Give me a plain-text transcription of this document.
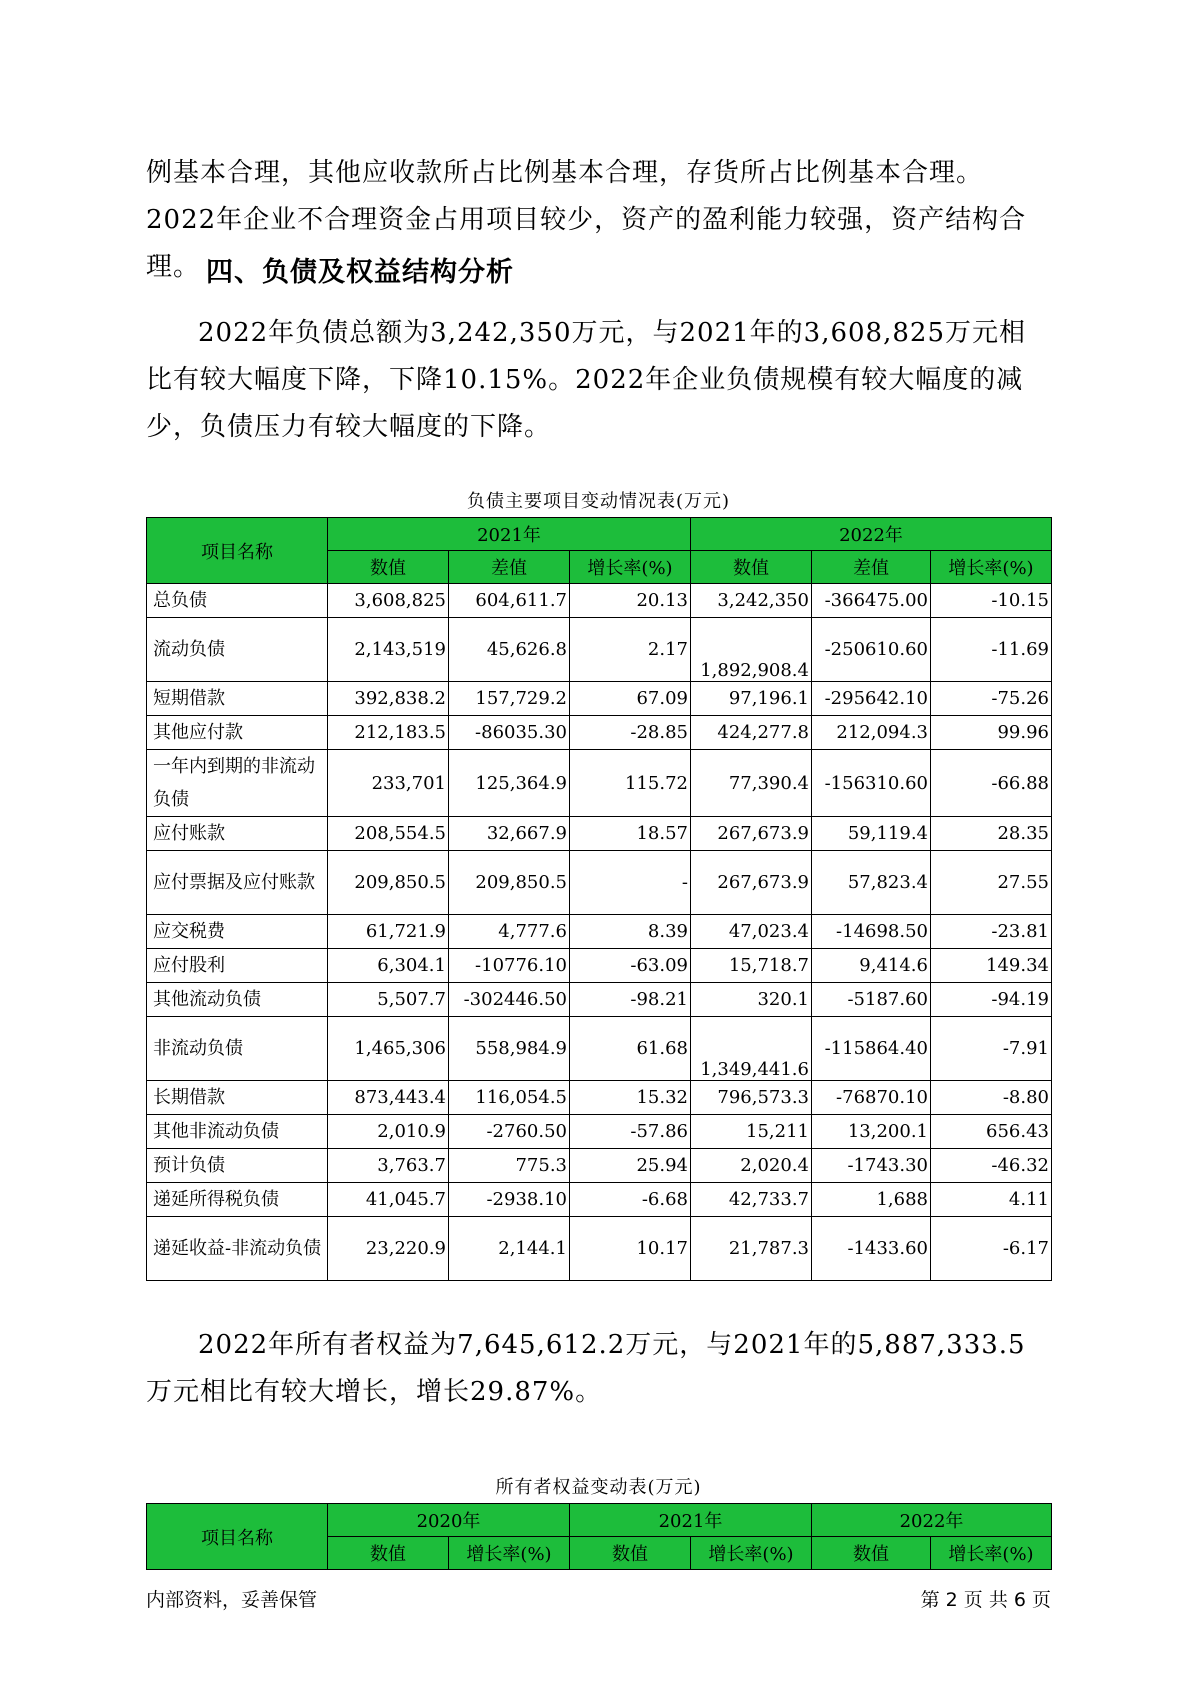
例基本合理，其他应收款所占比例基本合理，存货所占比例基本合理。2022年企业不合理资金占用项目较少，资产的盈利能力较强，资产结构合理。 四、负债及权益结构分析

2022年负债总额为3,242,350万元，与2021年的3,608,825万元相比有较大幅度下降，下降10.15%。2022年企业负债规模有较大幅度的减少，负债压力有较大幅度的下降。

负债主要项目变动情况表(万元)
项目名称	2021年			2022年		
	数值	差值	增长率(%)	数值	差值	增长率(%)
总负债	3,608,825	604,611.7	20.13	3,242,350	-366475.00	-10.15
流动负债	2,143,519	45,626.8	2.17	1,892,908.4	-250610.60	-11.69
短期借款	392,838.2	157,729.2	67.09	97,196.1	-295642.10	-75.26
其他应付款	212,183.5	-86035.30	-28.85	424,277.8	212,094.3	99.96
一年内到期的非流动负债	233,701	125,364.9	115.72	77,390.4	-156310.60	-66.88
应付账款	208,554.5	32,667.9	18.57	267,673.9	59,119.4	28.35
应付票据及应付账款	209,850.5	209,850.5	-	267,673.9	57,823.4	27.55
应交税费	61,721.9	4,777.6	8.39	47,023.4	-14698.50	-23.81
应付股利	6,304.1	-10776.10	-63.09	15,718.7	9,414.6	149.34
其他流动负债	5,507.7	-302446.50	-98.21	320.1	-5187.60	-94.19
非流动负债	1,465,306	558,984.9	61.68	1,349,441.6	-115864.40	-7.91
长期借款	873,443.4	116,054.5	15.32	796,573.3	-76870.10	-8.80
其他非流动负债	2,010.9	-2760.50	-57.86	15,211	13,200.1	656.43
预计负债	3,763.7	775.3	25.94	2,020.4	-1743.30	-46.32
递延所得税负债	41,045.7	-2938.10	-6.68	42,733.7	1,688	4.11
递延收益-非流动负债	23,220.9	2,144.1	10.17	21,787.3	-1433.60	-6.17

2022年所有者权益为7,645,612.2万元，与2021年的5,887,333.5万元相比有较大增长，增长29.87%。

所有者权益变动表(万元)
项目名称	2020年		2021年		2022年	
	数值	增长率(%)	数值	增长率(%)	数值	增长率(%)
内部资料，妥善保管	第 2 页 共 6 页
